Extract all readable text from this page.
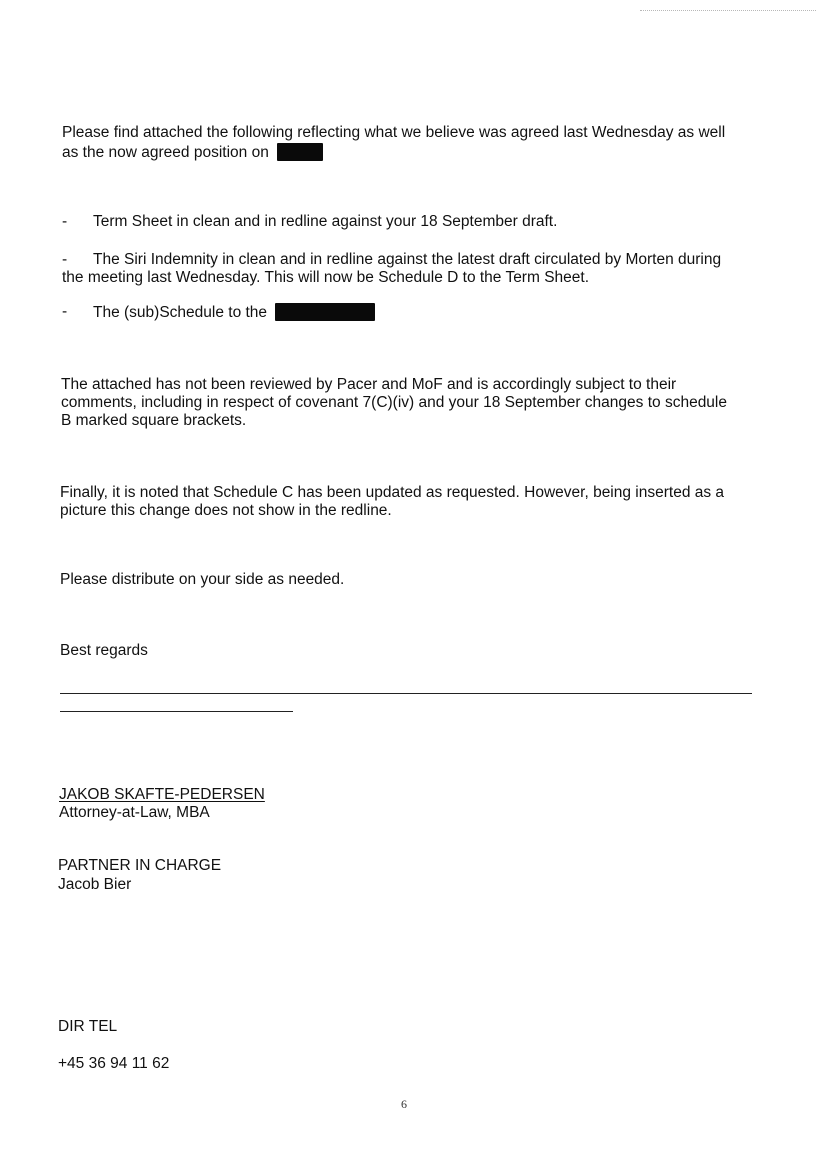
Please find attached the following reflecting what we believe was agreed last Wednesday as well
as the now agreed position on
- Term Sheet in clean and in redline against your 18 September draft.
- The Siri Indemnity in clean and in redline against the latest draft circulated by Morten during
the meeting last Wednesday. This will now be Schedule D to the Term Sheet.
- The (sub)Schedule to the
The attached has not been reviewed by Pacer and MoF and is accordingly subject to their
comments, including in respect of covenant 7(C)(iv) and your 18 September changes to schedule
B marked square brackets.
Finally, it is noted that Schedule C has been updated as requested. However, being inserted as a
picture this change does not show in the redline.
Please distribute on your side as needed.
Best regards
JAKOB SKAFTE-PEDERSEN
Attorney-at-Law, MBA
PARTNER IN CHARGE
Jacob Bier
DIR TEL
+45 36 94 11 62
6
